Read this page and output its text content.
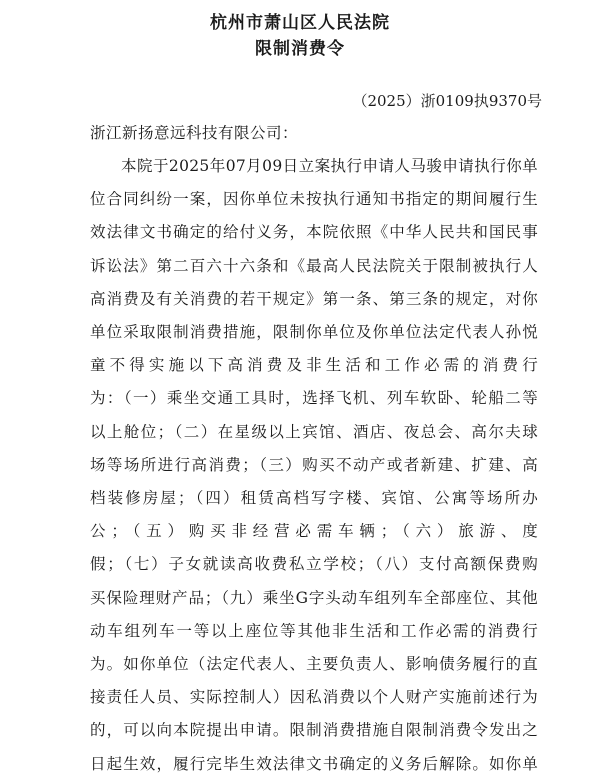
杭州市萧山区人民法院
限制消费令
（2025）浙0109执9370号
浙江新扬意远科技有限公司：
本院于2025年07月09日立案执行申请人马骏申请执行你单
位合同纠纷一案，因你单位未按执行通知书指定的期间履行生
效法律文书确定的给付义务，本院依照《中华人民共和国民事
诉讼法》第二百六十六条和《最高人民法院关于限制被执行人
高消费及有关消费的若干规定》第一条、第三条的规定，对你
单位采取限制消费措施，限制你单位及你单位法定代表人孙悦
童不得实施以下高消费及非生活和工作必需的消费行
为：（一）乘坐交通工具时，选择飞机、列车软卧、轮船二等
以上舱位；（二）在星级以上宾馆、酒店、夜总会、高尔夫球
场等场所进行高消费；（三）购买不动产或者新建、扩建、高
档装修房屋；（四）租赁高档写字楼、宾馆、公寓等场所办
公；（五）购买非经营必需车辆；（六）旅游、度
假；（七）子女就读高收费私立学校；（八）支付高额保费购
买保险理财产品；（九）乘坐G字头动车组列车全部座位、其他
动车组列车一等以上座位等其他非生活和工作必需的消费行
为。如你单位（法定代表人、主要负责人、影响债务履行的直
接责任人员、实际控制人）因私消费以个人财产实施前述行为
的，可以向本院提出申请。限制消费措施自限制消费令发出之
日起生效，履行完毕生效法律文书确定的义务后解除。如你单
